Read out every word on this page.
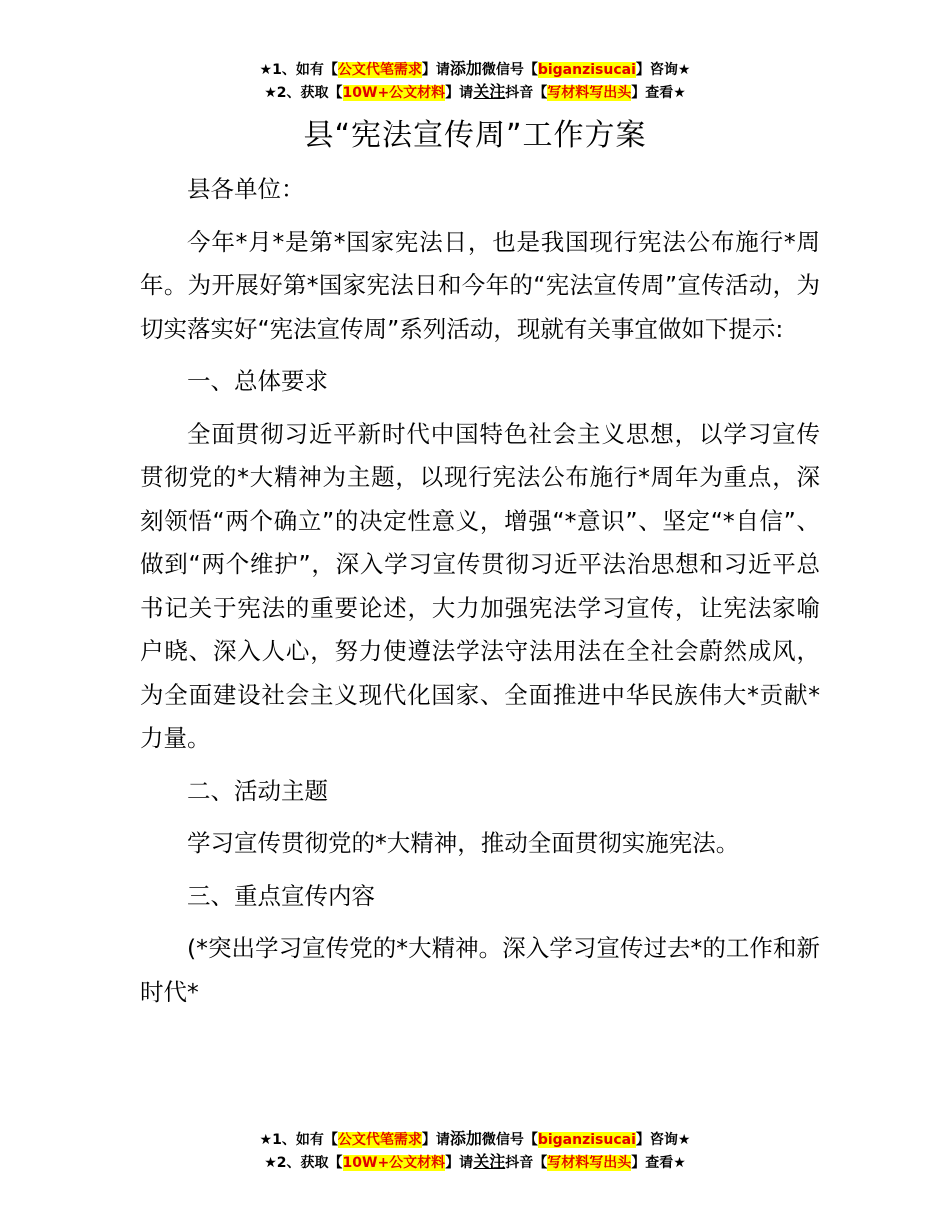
★1、如有【公文代笔需求】请添加微信号【biganzisucai】咨询★
★2、获取【10W+公文材料】请关注抖音【写材料写出头】查看★
县“宪法宣传周”工作方案

县各单位：

今年*月*是第*国家宪法日，也是我国现行宪法公布施行*周年。为开展好第*国家宪法日和今年的“宪法宣传周”宣传活动，为切实落实好“宪法宣传周”系列活动，现就有关事宜做如下提示:

一、总体要求

全面贯彻习近平新时代中国特色社会主义思想，以学习宣传贯彻党的*大精神为主题，以现行宪法公布施行*周年为重点，深刻领悟“两个确立”的决定性意义，增强“*意识”、坚定“*自信”、做到“两个维护”，深入学习宣传贯彻习近平法治思想和习近平总书记关于宪法的重要论述，大力加强宪法学习宣传，让宪法家喻户晓、深入人心，努力使遵法学法守法用法在全社会蔚然成风，为全面建设社会主义现代化国家、全面推进中华民族伟大*贡献*力量。

二、活动主题

学习宣传贯彻党的*大精神，推动全面贯彻实施宪法。

三、重点宣传内容

(*突出学习宣传党的*大精神。深入学习宣传过去*的工作和新时代*

★1、如有【公文代笔需求】请添加微信号【biganzisucai】咨询★
★2、获取【10W+公文材料】请关注抖音【写材料写出头】查看★
